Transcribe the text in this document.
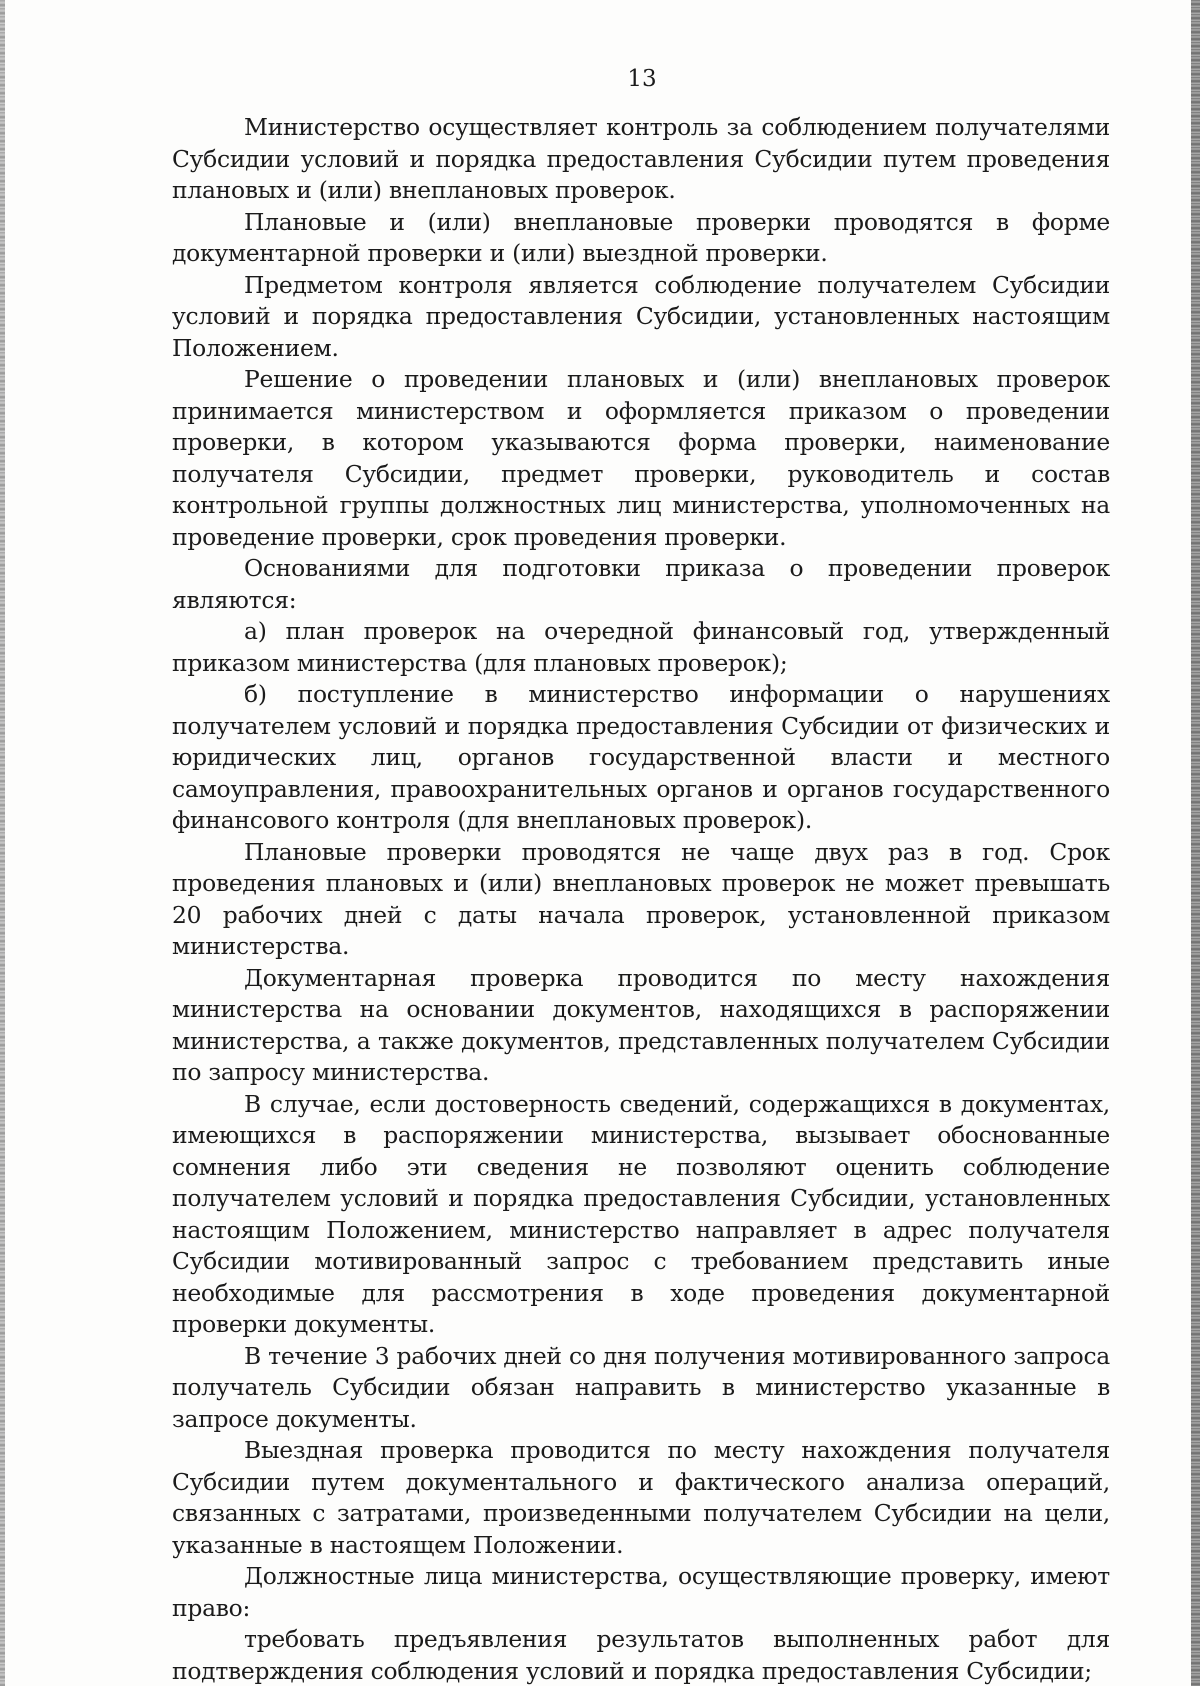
13

Министерство осуществляет контроль за соблюдением получателями Субсидии условий и порядка предоставления Субсидии путем проведения плановых и (или) внеплановых проверок.

Плановые и (или) внеплановые проверки проводятся в форме документарной проверки и (или) выездной проверки.

Предметом контроля является соблюдение получателем Субсидии условий и порядка предоставления Субсидии, установленных настоящим Положением.

Решение о проведении плановых и (или) внеплановых проверок принимается министерством и оформляется приказом о проведении проверки, в котором указываются форма проверки, наименование получателя Субсидии, предмет проверки, руководитель и состав контрольной группы должностных лиц министерства, уполномоченных на проведение проверки, срок проведения проверки.

Основаниями для подготовки приказа о проведении проверок являются:

а) план проверок на очередной финансовый год, утвержденный приказом министерства (для плановых проверок);

б) поступление в министерство информации о нарушениях получателем условий и порядка предоставления Субсидии от физических и юридических лиц, органов государственной власти и местного самоуправления, правоохранительных органов и органов государственного финансового контроля (для внеплановых проверок).

Плановые проверки проводятся не чаще двух раз в год. Срок проведения плановых и (или) внеплановых проверок не может превышать 20 рабочих дней с даты начала проверок, установленной приказом министерства.

Документарная проверка проводится по месту нахождения министерства на основании документов, находящихся в распоряжении министерства, а также документов, представленных получателем Субсидии по запросу министерства.

В случае, если достоверность сведений, содержащихся в документах, имеющихся в распоряжении министерства, вызывает обоснованные сомнения либо эти сведения не позволяют оценить соблюдение получателем условий и порядка предоставления Субсидии, установленных настоящим Положением, министерство направляет в адрес получателя Субсидии мотивированный запрос с требованием представить иные необходимые для рассмотрения в ходе проведения документарной проверки документы.

В течение 3 рабочих дней со дня получения мотивированного запроса получатель Субсидии обязан направить в министерство указанные в запросе документы.

Выездная проверка проводится по месту нахождения получателя Субсидии путем документального и фактического анализа операций, связанных с затратами, произведенными получателем Субсидии на цели, указанные в настоящем Положении.

Должностные лица министерства, осуществляющие проверку, имеют право:

требовать предъявления результатов выполненных работ для подтверждения соблюдения условий и порядка предоставления Субсидии;
